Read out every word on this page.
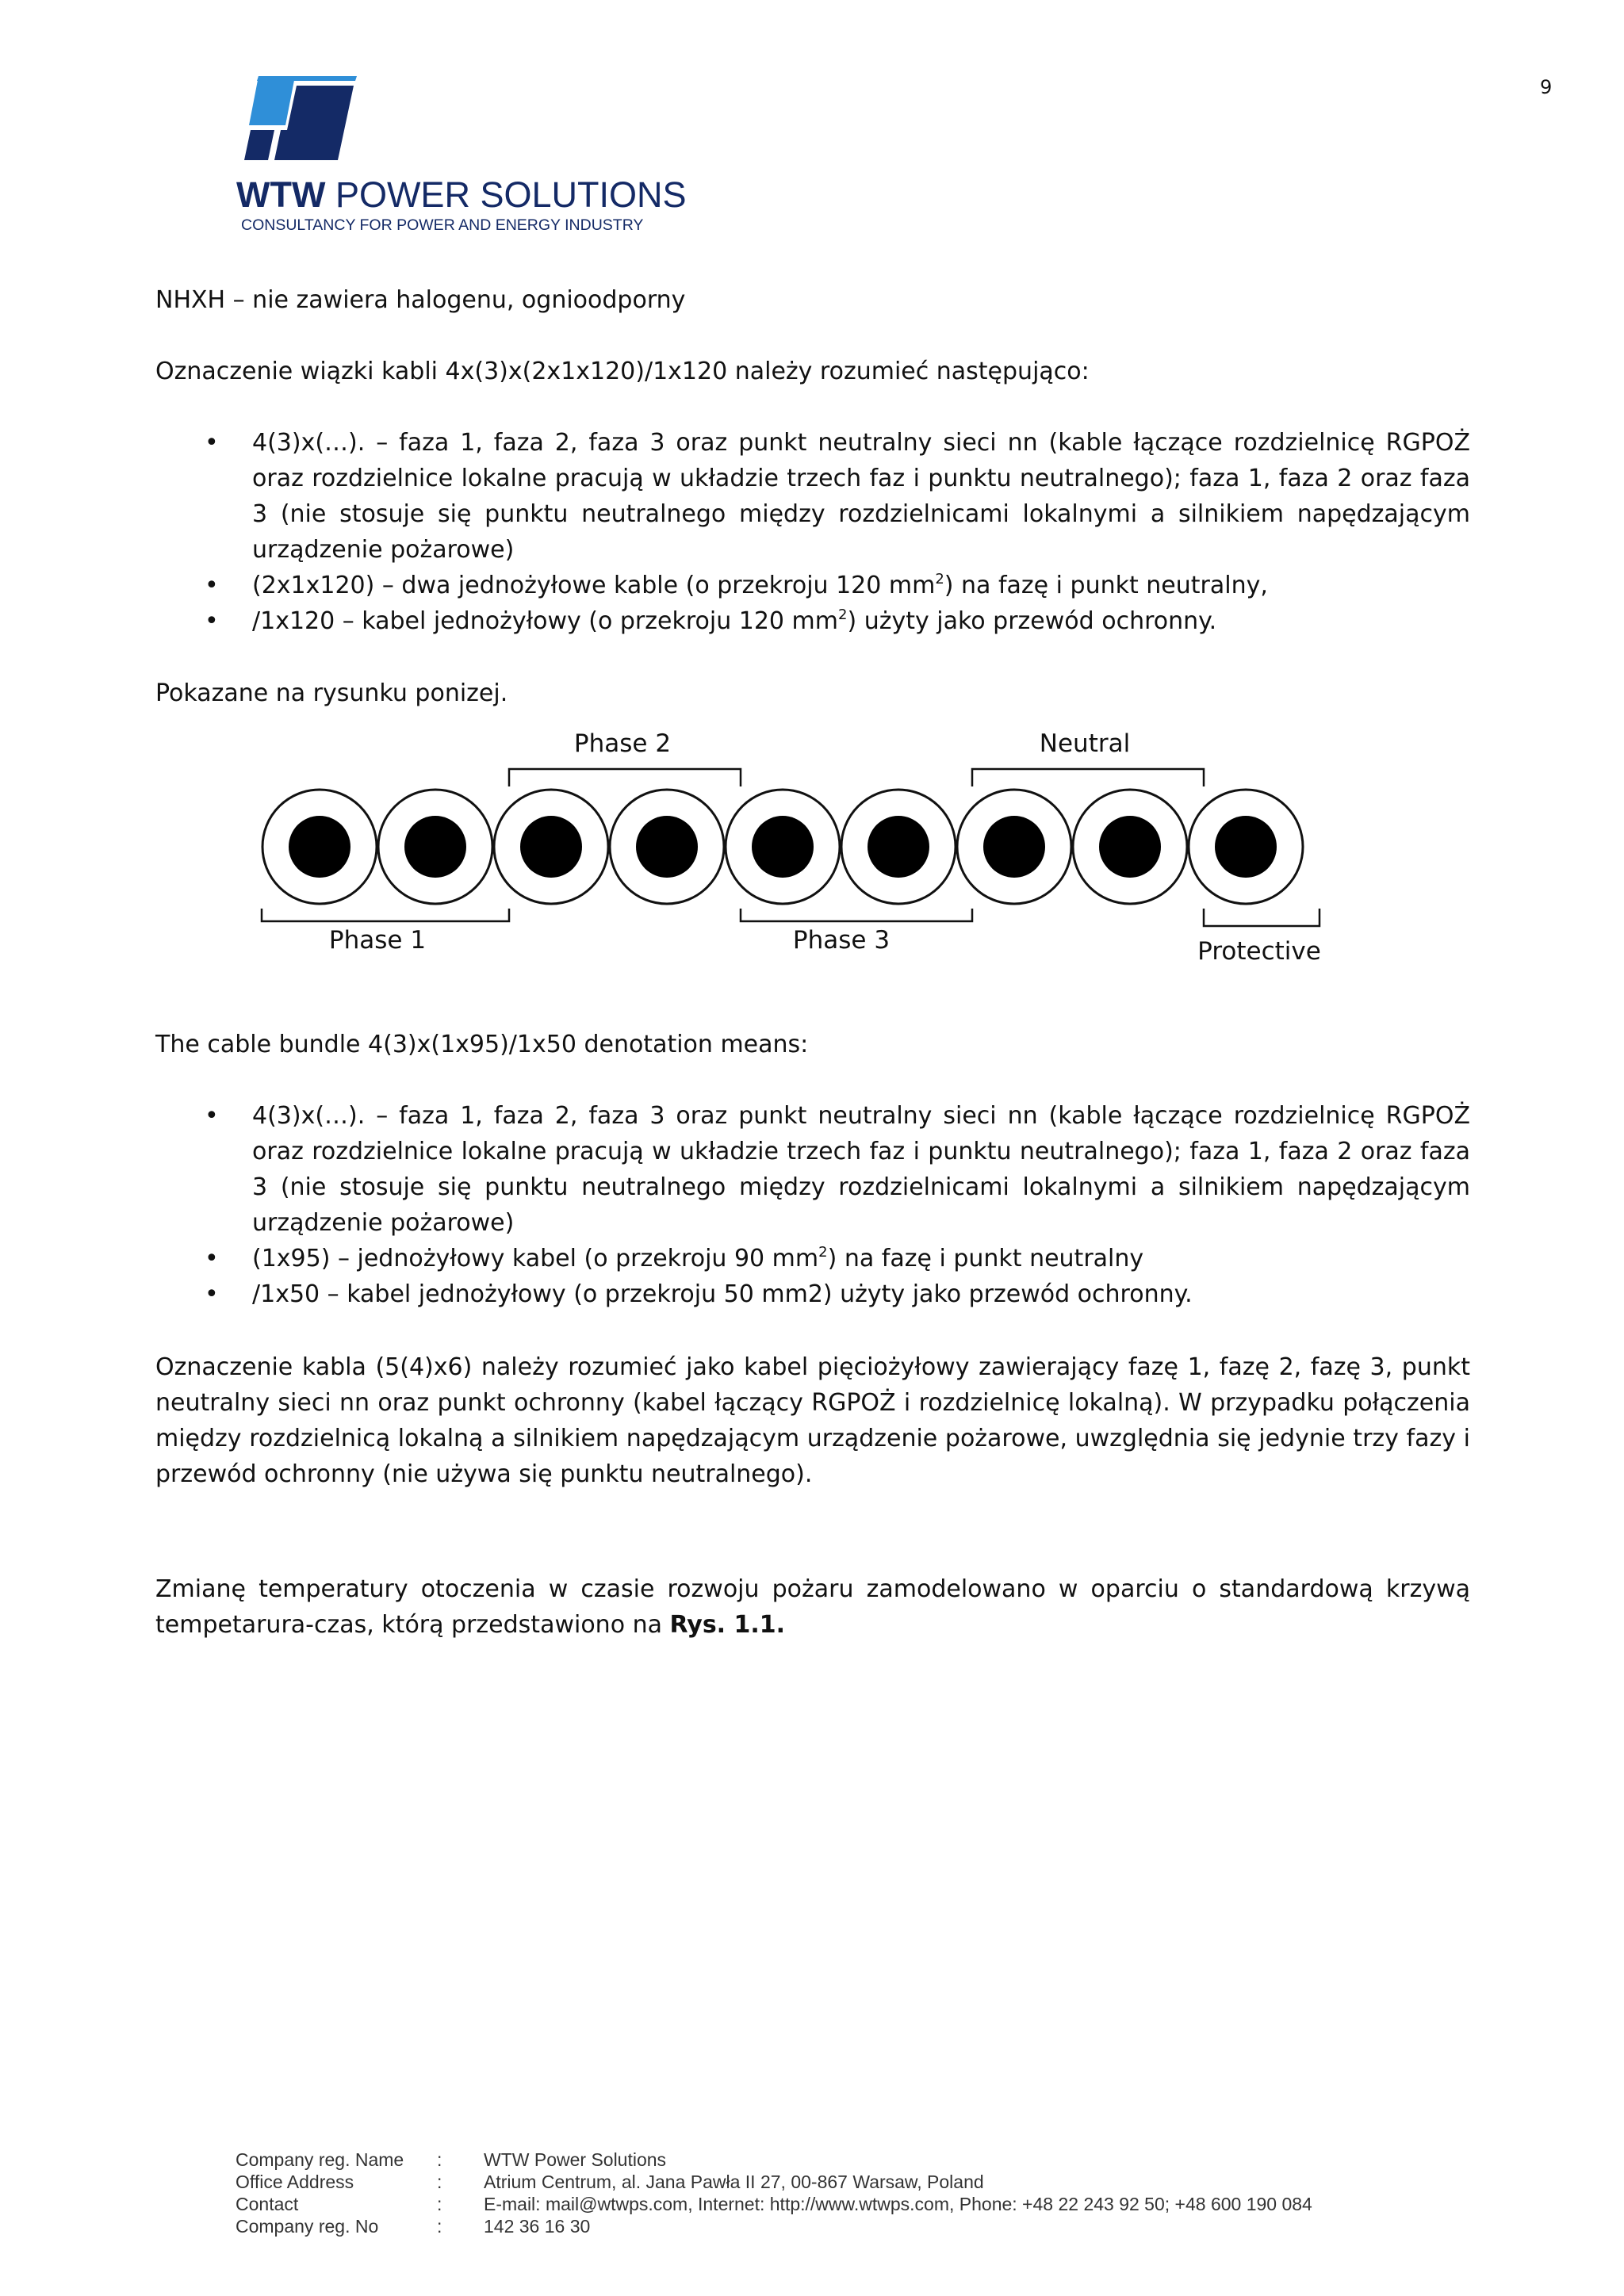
9
WTW POWER SOLUTIONS
CONSULTANCY FOR POWER AND ENERGY INDUSTRY

NHXH – nie zawiera halogenu, ognioodporny

Oznaczenie wiązki kabli 4x(3)x(2x1x120)/1x120 należy rozumieć następująco:

• 4(3)x(…). – faza 1, faza 2, faza 3 oraz punkt neutralny sieci nn (kable łączące rozdzielnicę RGPOŻ oraz rozdzielnice lokalne pracują w układzie trzech faz i punktu neutralnego); faza 1, faza 2 oraz faza 3 (nie stosuje się punktu neutralnego między rozdzielnicami lokalnymi a silnikiem napędzającym urządzenie pożarowe)
• (2x1x120) – dwa jednożyłowe kable (o przekroju 120 $mm^2$) na fazę i punkt neutralny,
• /1x120 – kabel jednożyłowy (o przekroju 120 $mm^2$) użyty jako przewód ochronny.

Pokazane na rysunku ponizej.

Phase 2	Neutral
Phase 1	Phase 3	Protective

The cable bundle 4(3)x(1x95)/1x50 denotation means:

• 4(3)x(…). – faza 1, faza 2, faza 3 oraz punkt neutralny sieci nn (kable łączące rozdzielnicę RGPOŻ oraz rozdzielnice lokalne pracują w układzie trzech faz i punktu neutralnego); faza 1, faza 2 oraz faza 3 (nie stosuje się punktu neutralnego między rozdzielnicami lokalnymi a silnikiem napędzającym urządzenie pożarowe)
• (1x95) – jednożyłowy kabel (o przekroju 90 $mm^2$) na fazę i punkt neutralny
• /1x50 – kabel jednożyłowy (o przekroju 50 mm2) użyty jako przewód ochronny.

Oznaczenie kabla (5(4)x6) należy rozumieć jako kabel pięciożyłowy zawierający fazę 1, fazę 2, fazę 3, punkt neutralny sieci nn oraz punkt ochronny (kabel łączący RGPOŻ i rozdzielnicę lokalną). W przypadku połączenia między rozdzielnicą lokalną a silnikiem napędzającym urządzenie pożarowe, uwzględnia się jedynie trzy fazy i przewód ochronny (nie używa się punktu neutralnego).

Zmianę temperatury otoczenia w czasie rozwoju pożaru zamodelowano w oparciu o standardową krzywą tempetarura-czas, którą przedstawiono na Rys. 1.1.

Company reg. Name	:	WTW Power Solutions
Office Address	:	Atrium Centrum, al. Jana Pawła II 27, 00-867 Warsaw, Poland
Contact	:	E-mail: mail@wtwps.com, Internet: http://www.wtwps.com, Phone: +48 22 243 92 50; +48 600 190 084
Company reg. No	:	142 36 16 30
